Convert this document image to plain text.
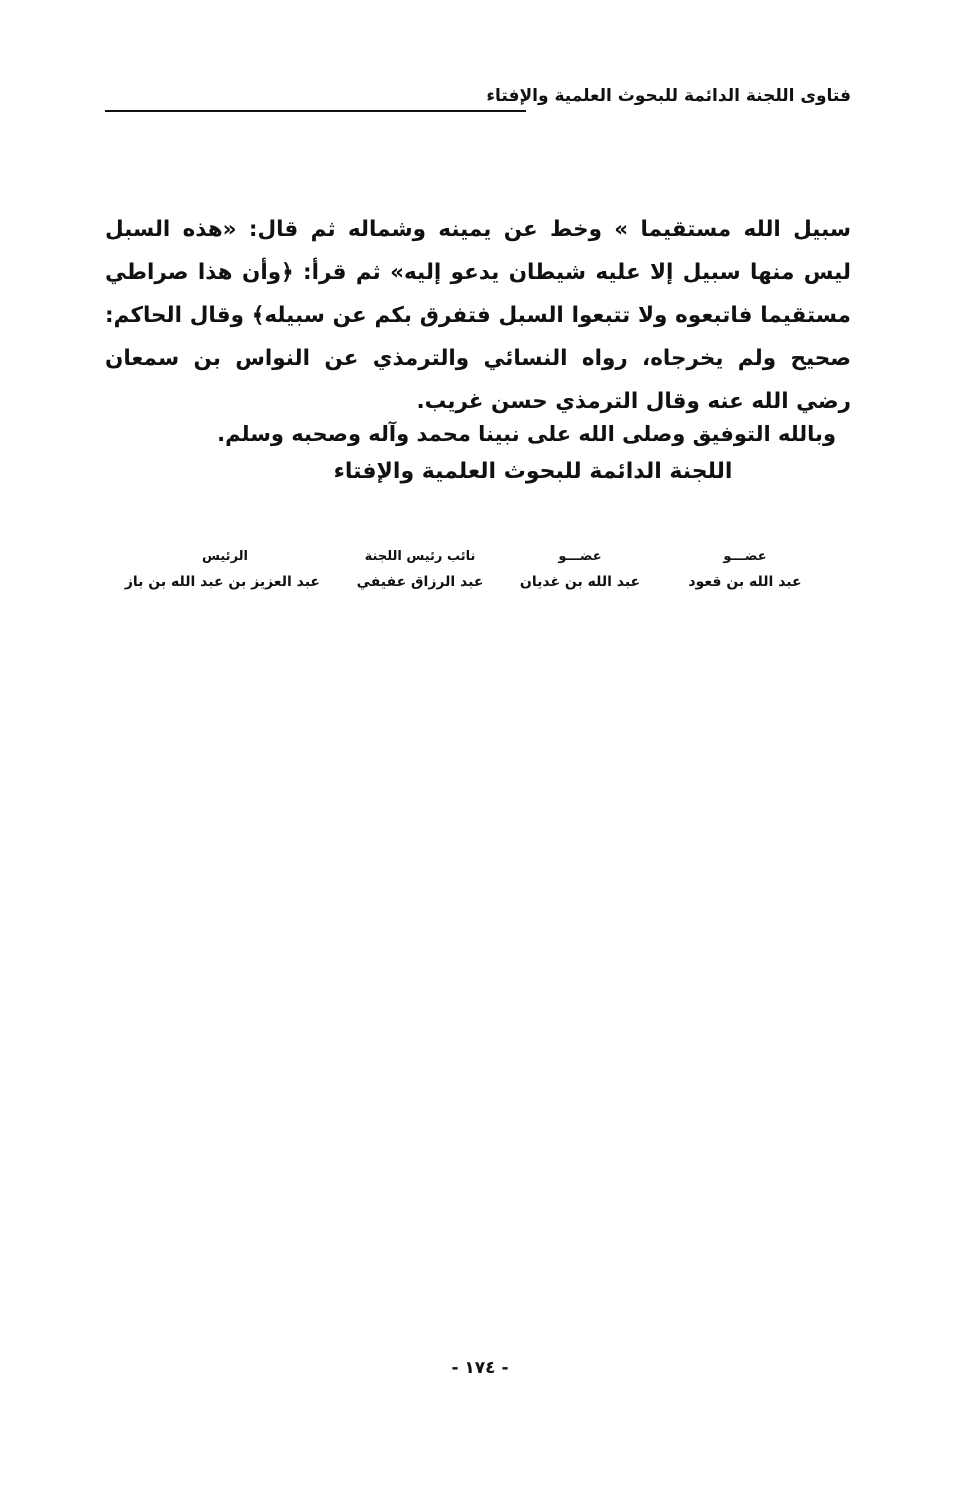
فتاوى اللجنة الدائمة للبحوث العلمية والإفتاء

سبيل الله مستقيما » وخط عن يمينه وشماله ثم قال: «هذه السبل ليس منها سبيل إلا عليه شيطان يدعو إليه» ثم قرأ: ﴿وأن هذا صراطي مستقيما فاتبعوه ولا تتبعوا السبل فتفرق بكم عن سبيله﴾ وقال الحاكم: صحيح ولم يخرجاه، رواه النسائي والترمذي عن النواس بن سمعان رضي الله عنه وقال الترمذي حسن غريب.

وبالله التوفيق وصلى الله على نبينا محمد وآله وصحبه وسلم.
اللجنة الدائمة للبحوث العلمية والإفتاء
عضـــو
عبد الله بن قعود
عضـــو
عبد الله بن غديان
نائب رئيس اللجنة
عبد الرزاق عفيفي
الرئيس
عبد العزيز بن عبد الله بن باز
- ١٧٤ -
